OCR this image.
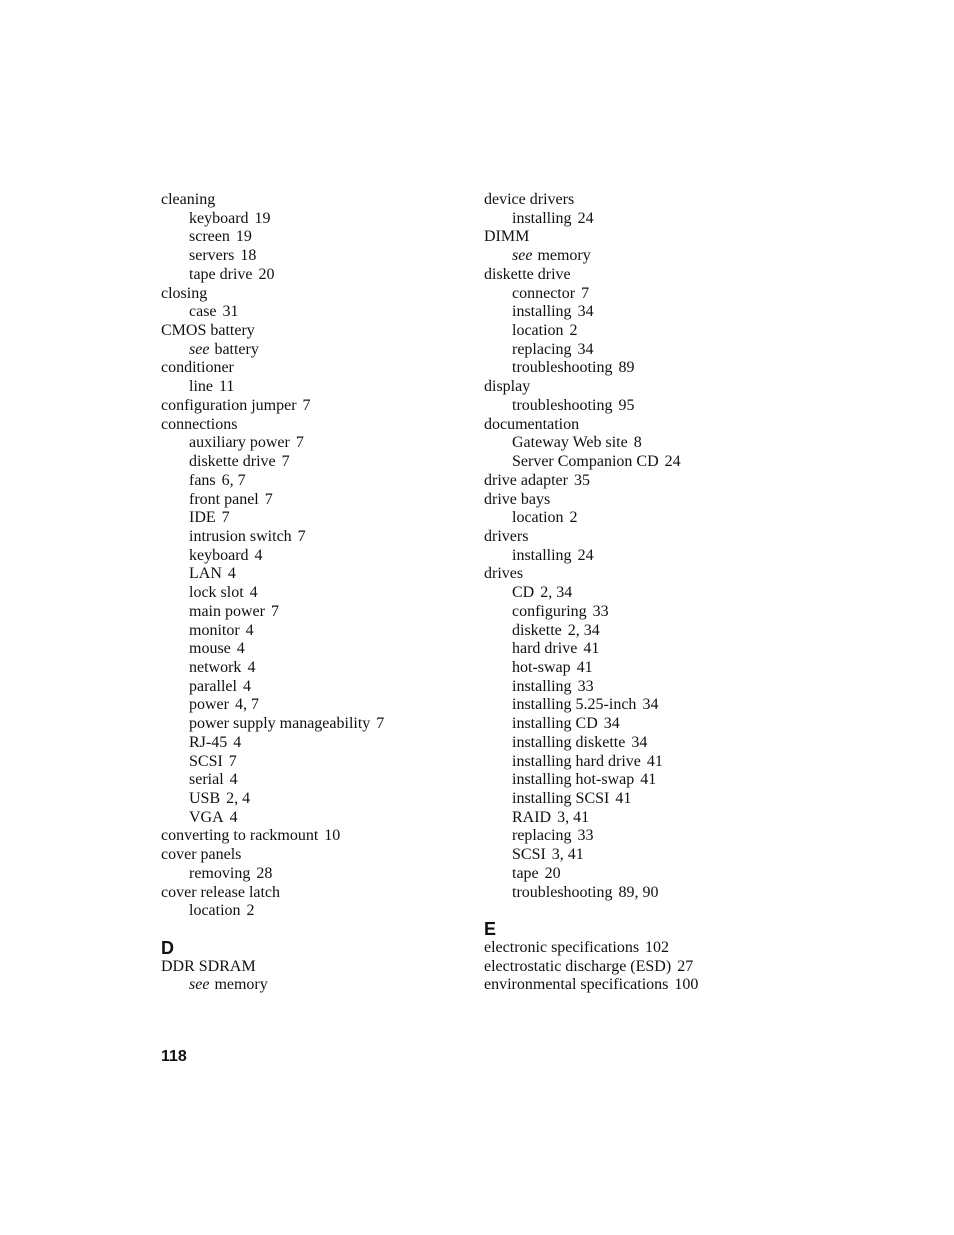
cleaning
keyboard 19
screen 19
servers 18
tape drive 20
closing
case 31
CMOS battery
see battery
conditioner
line 11
configuration jumper 7
connections
auxiliary power 7
diskette drive 7
fans 6, 7
front panel 7
IDE 7
intrusion switch 7
keyboard 4
LAN 4
lock slot 4
main power 7
monitor 4
mouse 4
network 4
parallel 4
power 4, 7
power supply manageability 7
RJ-45 4
SCSI 7
serial 4
USB 2, 4
VGA 4
converting to rackmount 10
cover panels
removing 28
cover release latch
location 2
D
DDR SDRAM
see memory
device drivers
installing 24
DIMM
see memory
diskette drive
connector 7
installing 34
location 2
replacing 34
troubleshooting 89
display
troubleshooting 95
documentation
Gateway Web site 8
Server Companion CD 24
drive adapter 35
drive bays
location 2
drivers
installing 24
drives
CD 2, 34
configuring 33
diskette 2, 34
hard drive 41
hot-swap 41
installing 33
installing 5.25-inch 34
installing CD 34
installing diskette 34
installing hard drive 41
installing hot-swap 41
installing SCSI 41
RAID 3, 41
replacing 33
SCSI 3, 41
tape 20
troubleshooting 89, 90
E
electronic specifications 102
electrostatic discharge (ESD) 27
environmental specifications 100
118
